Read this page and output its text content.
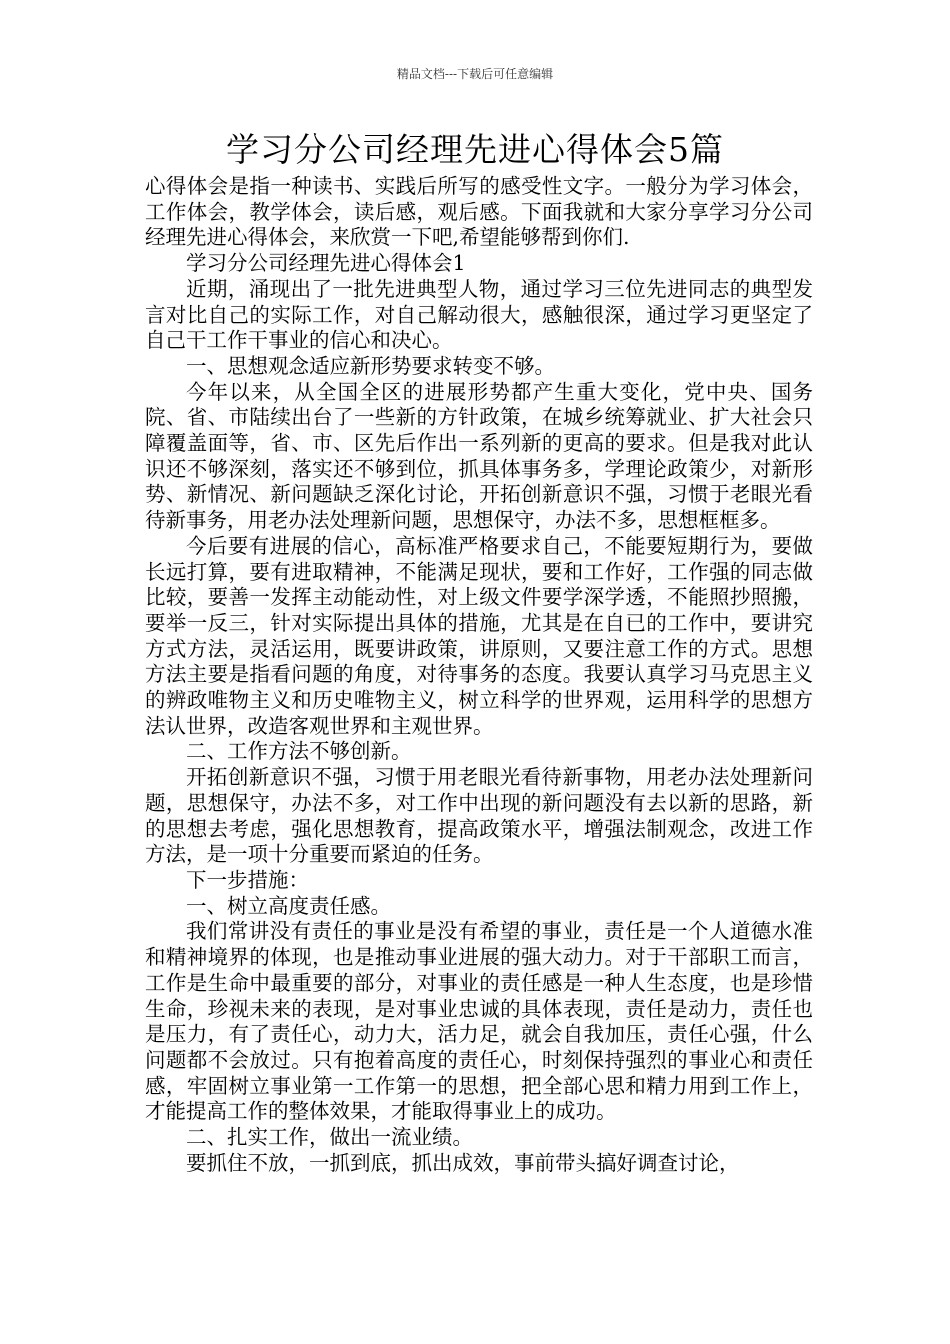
精品文档---下载后可任意编辑
学习分公司经理先进心得体会5篇

心得体会是指一种读书、实践后所写的感受性文字。一般分为学习体会，工作体会，教学体会，读后感，观后感。下面我就和大家分享学习分公司经理先进心得体会，来欣赏一下吧,希望能够帮到你们.

学习分公司经理先进心得体会1

近期，涌现出了一批先进典型人物，通过学习三位先进同志的典型发言对比自己的实际工作，对自己解动很大，感触很深，通过学习更坚定了自己干工作干事业的信心和决心。

一、思想观念适应新形势要求转变不够。

今年以来，从全国全区的进展形势都产生重大变化，党中央、国务院、省、市陆续出台了一些新的方针政策，在城乡统筹就业、扩大社会只障覆盖面等，省、市、区先后作出一系列新的更高的要求。但是我对此认识还不够深刻，落实还不够到位，抓具体事务多，学理论政策少，对新形势、新情况、新问题缺乏深化讨论，开拓创新意识不强，习惯于老眼光看待新事务，用老办法处理新问题，思想保守，办法不多，思想框框多。

今后要有进展的信心，高标准严格要求自己，不能要短期行为，要做长远打算，要有进取精神，不能满足现状，要和工作好，工作强的同志做比较，要善一发挥主动能动性，对上级文件要学深学透，不能照抄照搬，要举一反三，针对实际提出具体的措施，尤其是在自已的工作中，要讲究方式方法，灵活运用，既要讲政策，讲原则，又要注意工作的方式。思想方法主要是指看问题的角度，对待事务的态度。我要认真学习马克思主义的辨政唯物主义和历史唯物主义，树立科学的世界观，运用科学的思想方法认世界，改造客观世界和主观世界。

二、工作方法不够创新。

开拓创新意识不强，习惯于用老眼光看待新事物，用老办法处理新问题，思想保守，办法不多，对工作中出现的新问题没有去以新的思路，新的思想去考虑，强化思想教育，提高政策水平，增强法制观念，改进工作方法，是一项十分重要而紧迫的任务。

下一步措施：

一、树立高度责任感。

我们常讲没有责任的事业是没有希望的事业，责任是一个人道德水准和精神境界的体现，也是推动事业进展的强大动力。对于干部职工而言，工作是生命中最重要的部分，对事业的责任感是一种人生态度，也是珍惜生命，珍视未来的表现，是对事业忠诚的具体表现，责任是动力，责任也是压力，有了责任心，动力大，活力足，就会自我加压，责任心强，什么问题都不会放过。只有抱着高度的责任心，时刻保持强烈的事业心和责任感，牢固树立事业第一工作第一的思想，把全部心思和精力用到工作上，才能提高工作的整体效果，才能取得事业上的成功。

二、扎实工作，做出一流业绩。

要抓住不放，一抓到底，抓出成效，事前带头搞好调查讨论，
